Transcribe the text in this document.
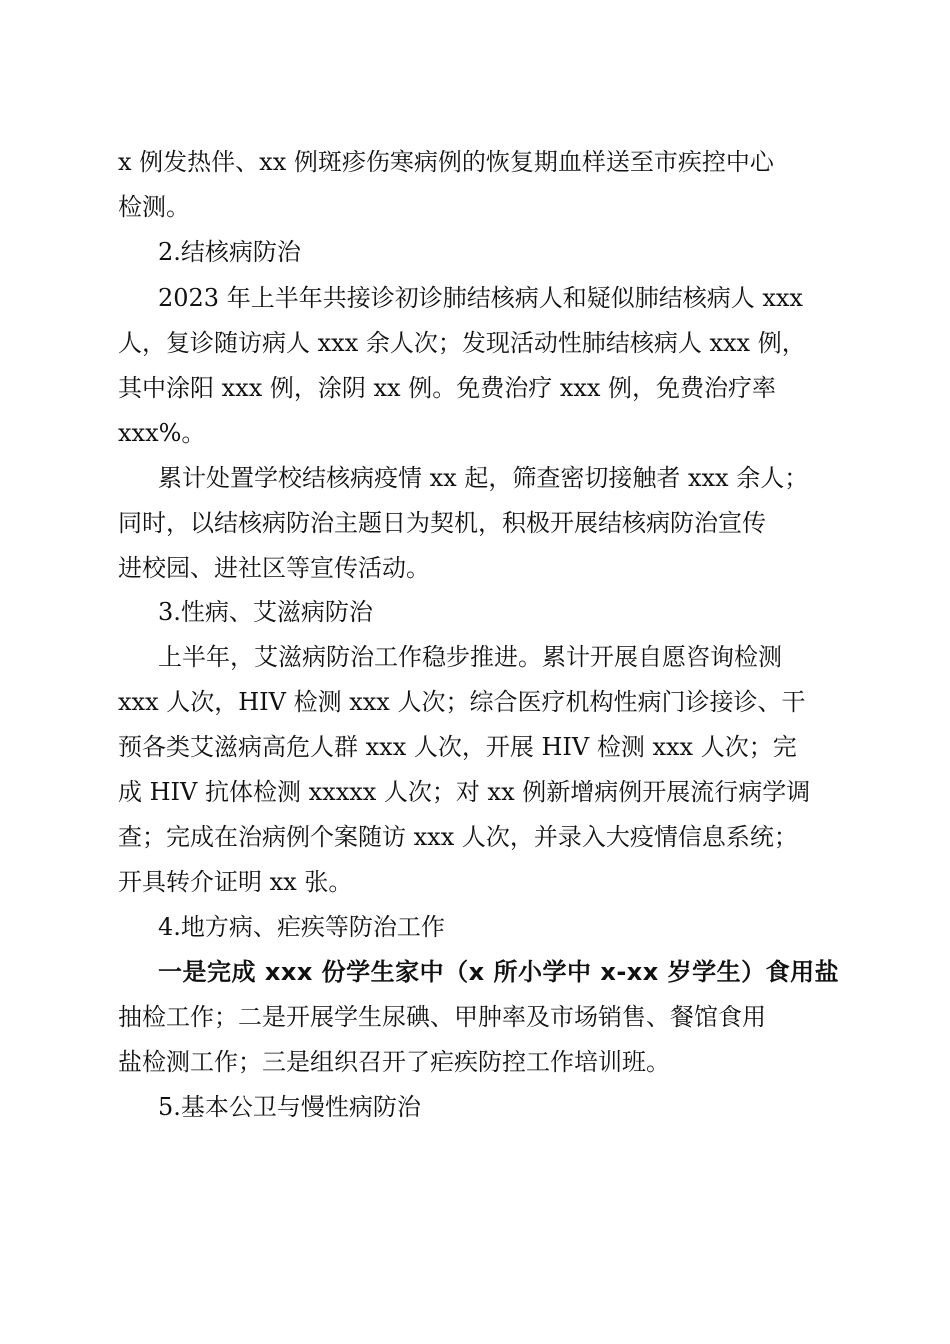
x 例发热伴、xx 例斑疹伤寒病例的恢复期血样送至市疾控中心
检测。
2.结核病防治
2023 年上半年共接诊初诊肺结核病人和疑似肺结核病人 xxx
人，复诊随访病人 xxx 余人次；发现活动性肺结核病人 xxx 例，
其中涂阳 xxx 例，涂阴 xx 例。免费治疗 xxx 例，免费治疗率
xxx%。
累计处置学校结核病疫情 xx 起，筛查密切接触者 xxx 余人；
同时，以结核病防治主题日为契机，积极开展结核病防治宣传
进校园、进社区等宣传活动。
3.性病、艾滋病防治
上半年，艾滋病防治工作稳步推进。累计开展自愿咨询检测
xxx 人次，HIV 检测 xxx 人次；综合医疗机构性病门诊接诊、干
预各类艾滋病高危人群 xxx 人次，开展 HIV 检测 xxx 人次；完
成 HIV 抗体检测 xxxxx 人次；对 xx 例新增病例开展流行病学调
查；完成在治病例个案随访 xxx 人次，并录入大疫情信息系统；
开具转介证明 xx 张。
4.地方病、疟疾等防治工作
一是完成 xxx 份学生家中（x 所小学中 x-xx 岁学生）食用盐
抽检工作；二是开展学生尿碘、甲肿率及市场销售、餐馆食用
盐检测工作；三是组织召开了疟疾防控工作培训班。
5.基本公卫与慢性病防治
